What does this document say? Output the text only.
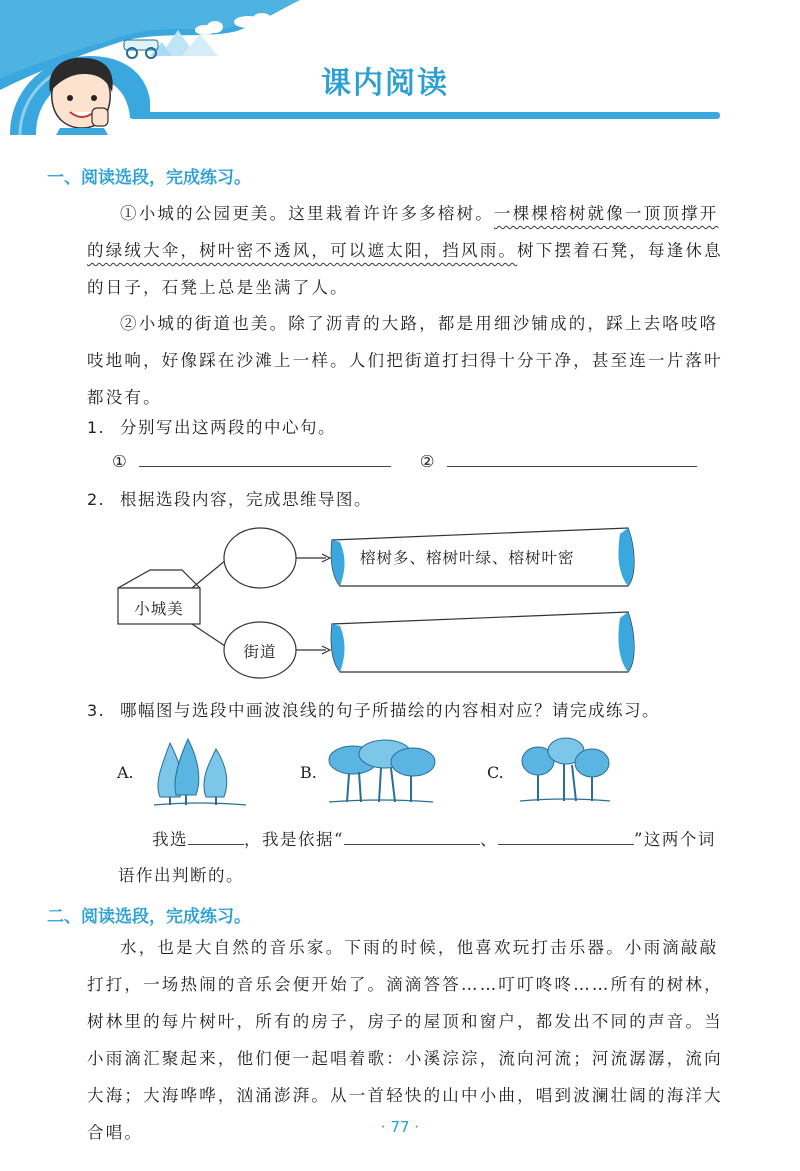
课内阅读
一、阅读选段，完成练习。
①小城的公园更美。这里栽着许许多多榕树。一棵棵榕树就像一顶顶撑开的绿绒大伞，树叶密不透风，可以遮太阳，挡风雨。树下摆着石凳，每逢休息的日子，石凳上总是坐满了人。
②小城的街道也美。除了沥青的大路，都是用细沙铺成的，踩上去咯吱咯吱地响，好像踩在沙滩上一样。人们把街道打扫得十分干净，甚至连一片落叶都没有。
1. 分别写出这两段的中心句。
①	②
2. 根据选段内容，完成思维导图。
小城美
街道
榕树多、榕树叶绿、榕树叶密
3. 哪幅图与选段中画波浪线的句子所描绘的内容相对应？请完成练习。
A.	B.	C.
我选	，我是依据“	、	”这两个词
语作出判断的。
二、阅读选段，完成练习。
水，也是大自然的音乐家。下雨的时候，他喜欢玩打击乐器。小雨滴敲敲打打，一场热闹的音乐会便开始了。滴滴答答……叮叮咚咚……所有的树林，树林里的每片树叶，所有的房子，房子的屋顶和窗户，都发出不同的声音。当小雨滴汇聚起来，他们便一起唱着歌：小溪淙淙，流向河流；河流潺潺，流向大海；大海哗哗，汹涌澎湃。从一首轻快的山中小曲，唱到波澜壮阔的海洋大合唱。	· 77 ·
